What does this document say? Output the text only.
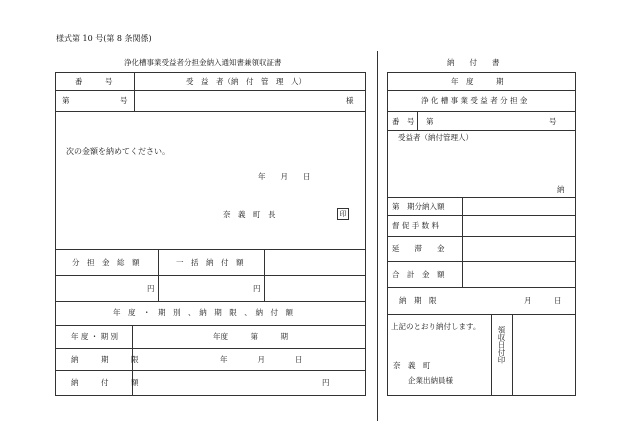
様式第 10 号(第 8 条関係)
浄化槽事業受益者分担金納入通知書兼領収証書
番　　　号	受　益　者（納　付　管　理　人）
第	号	様
次の金額を納めてください。
年　　月　　日
奈　義　町　長	印
分　担　金　総　額	一　括　納　付　額
円	円
年　度　・　期　別　、　納　期　限　、　納　付　額
年 度 ・ 期 別	年度　　　第　　　期
納　　　期　　　限	年　　　　月　　　　日
納　　　付　　　額	円
納　　付　　書
年　度　　　期
浄 化 槽 事 業 受 益 者 分 担 金
番　号 第	号
受益者（納付管理人）
納
第　期分納入額
督 促 手 数 料
延　　滞　　金
合　計　金　額
納　期　限	月　　　日
上記のとおり納付します。
奈　義　町
企業出納員様
領収日付印
